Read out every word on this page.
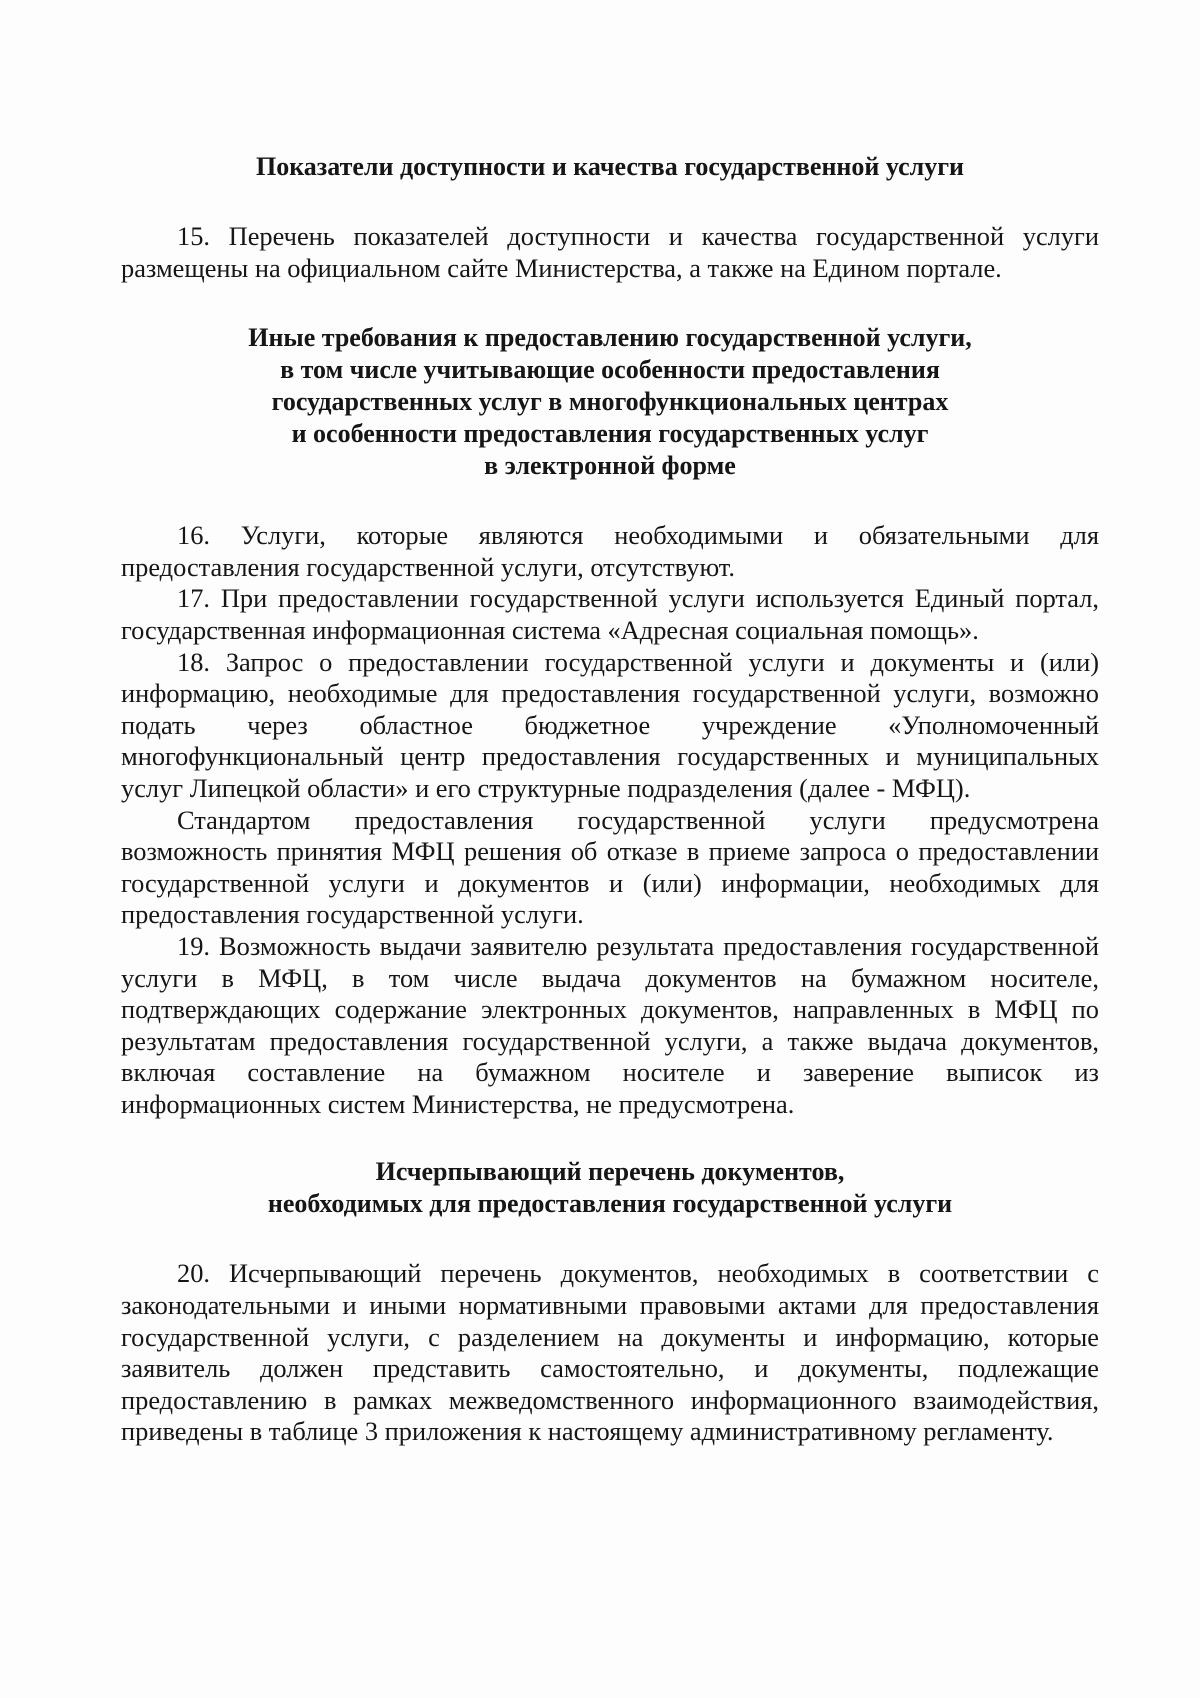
Показатели доступности и качества государственной услуги

15. Перечень показателей доступности и качества государственной услуги размещены на официальном сайте Министерства, а также на Едином портале.

Иные требования к предоставлению государственной услуги,
в том числе учитывающие особенности предоставления
государственных услуг в многофункциональных центрах
и особенности предоставления государственных услуг
в электронной форме

16. Услуги, которые являются необходимыми и обязательными для предоставления государственной услуги, отсутствуют.

17. При предоставлении государственной услуги используется Единый портал, государственная информационная система «Адресная социальная помощь».

18. Запрос о предоставлении государственной услуги и документы и (или) информацию, необходимые для предоставления государственной услуги, возможно подать через областное бюджетное учреждение «Уполномоченный многофункциональный центр предоставления государственных и муниципальных услуг Липецкой области» и его структурные подразделения (далее - МФЦ).

Стандартом предоставления государственной услуги предусмотрена возможность принятия МФЦ решения об отказе в приеме запроса о предоставлении государственной услуги и документов и (или) информации, необходимых для предоставления государственной услуги.

19. Возможность выдачи заявителю результата предоставления государственной услуги в МФЦ, в том числе выдача документов на бумажном носителе, подтверждающих содержание электронных документов, направленных в МФЦ по результатам предоставления государственной услуги, а также выдача документов, включая составление на бумажном носителе и заверение выписок из информационных систем Министерства, не предусмотрена.

Исчерпывающий перечень документов,
необходимых для предоставления государственной услуги

20. Исчерпывающий перечень документов, необходимых в соответствии с законодательными и иными нормативными правовыми актами для предоставления государственной услуги, с разделением на документы и информацию, которые заявитель должен представить самостоятельно, и документы, подлежащие предоставлению в рамках межведомственного информационного взаимодействия, приведены в таблице 3 приложения к настоящему административному регламенту.
